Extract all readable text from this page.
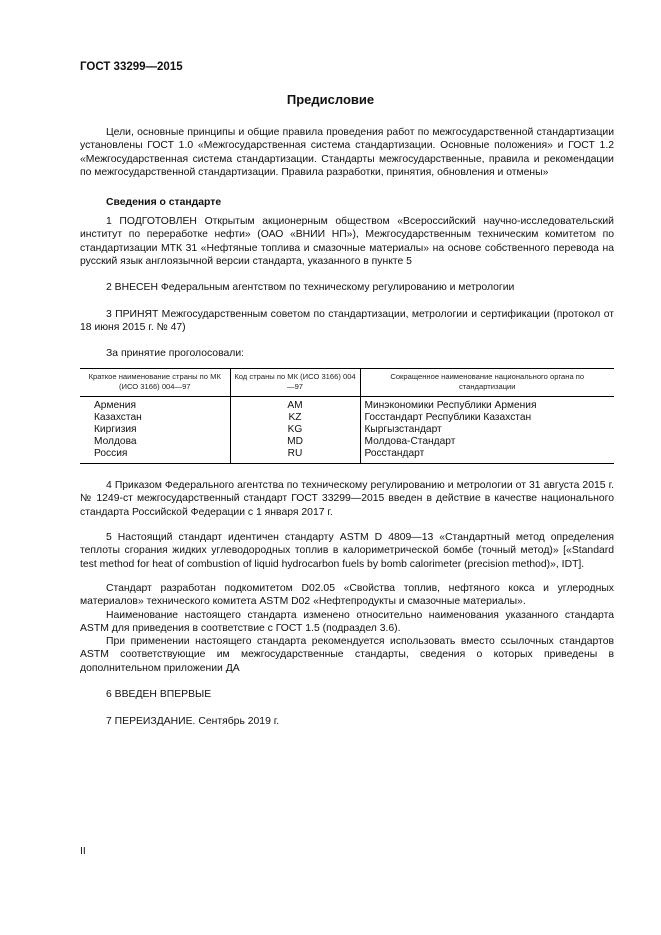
ГОСТ 33299—2015
Предисловие

Цели, основные принципы и общие правила проведения работ по межгосударственной стандартизации установлены ГОСТ 1.0 «Межгосударственная система стандартизации. Основные положения» и ГОСТ 1.2 «Межгосударственная система стандартизации. Стандарты межгосударственные, правила и рекомендации по межгосударственной стандартизации. Правила разработки, принятия, обновления и отмены»

Сведения о стандарте

1 ПОДГОТОВЛЕН Открытым акционерным обществом «Всероссийский научно-исследовательский институт по переработке нефти» (ОАО «ВНИИ НП»), Межгосударственным техническим комитетом по стандартизации МТК 31 «Нефтяные топлива и смазочные материалы» на основе собственного перевода на русский язык англоязычной версии стандарта, указанного в пункте 5

2 ВНЕСЕН Федеральным агентством по техническому регулированию и метрологии

3 ПРИНЯТ Межгосударственным советом по стандартизации, метрологии и сертификации (протокол от 18 июня 2015 г. № 47)

За принятие проголосовали:

Краткое наименование страны по МК (ИСО 3166) 004—97	Код страны по МК (ИСО 3166) 004—97	Сокращенное наименование национального органа по стандартизации
Армения	AM	Минэкономики Республики Армения
Казахстан	KZ	Госстандарт Республики Казахстан
Киргизия	KG	Кыргызстандарт
Молдова	MD	Молдова-Стандарт
Россия	RU	Росстандарт

4 Приказом Федерального агентства по техническому регулированию и метрологии от 31 августа 2015 г. № 1249-ст межгосударственный стандарт ГОСТ 33299—2015 введен в действие в качестве национального стандарта Российской Федерации с 1 января 2017 г.

5 Настоящий стандарт идентичен стандарту ASTM D 4809—13 «Стандартный метод определения теплоты сгорания жидких углеводородных топлив в калориметрической бомбе (точный метод)» [«Standard test method for heat of combustion of liquid hydrocarbon fuels by bomb calorimeter (precision method)», IDT].

Стандарт разработан подкомитетом D02.05 «Свойства топлив, нефтяного кокса и углеродных материалов» технического комитета ASTM D02 «Нефтепродукты и смазочные материалы».

Наименование настоящего стандарта изменено относительно наименования указанного стандарта ASTM для приведения в соответствие с ГОСТ 1.5 (подраздел 3.6).

При применении настоящего стандарта рекомендуется использовать вместо ссылочных стандартов ASTM соответствующие им межгосударственные стандарты, сведения о которых приведены в дополнительном приложении ДА

6 ВВЕДЕН ВПЕРВЫЕ

7 ПЕРЕИЗДАНИЕ. Сентябрь 2019 г.

II
